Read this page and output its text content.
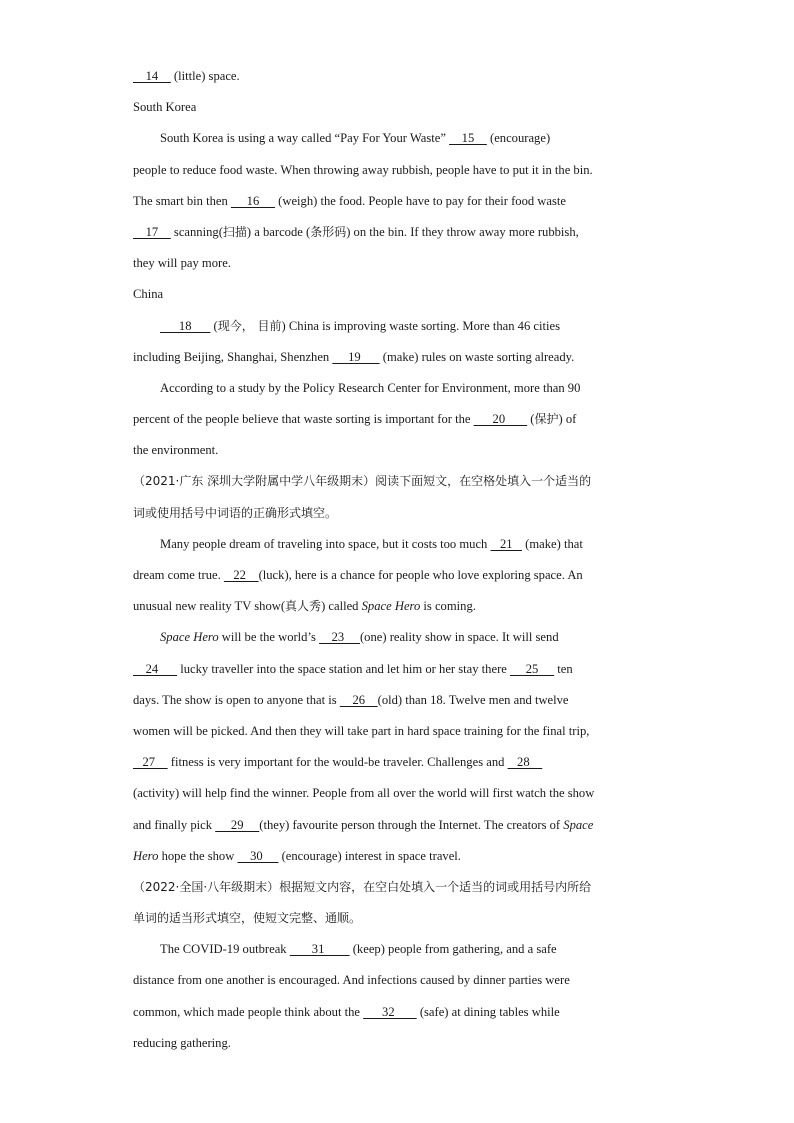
14     (little) space.
South Korea
South Korea is using a way called “Pay For Your Waste”     15     (encourage)
people to reduce food waste. When throwing away rubbish, people have to put it in the bin.
The smart bin then      16      (weigh) the food. People have to pay for their food waste
17     scanning(扫描) a barcode (条形码) on the bin. If they throw away more rubbish,
they will pay more.
China
18       (现今， 目前) China is improving waste sorting. More than 46 cities
including Beijing, Shanghai, Shenzhen      19       (make) rules on waste sorting already.
According to a study by the Policy Research Center for Environment, more than 90
percent of the people believe that waste sorting is important for the       20        (保护) of
the environment.
（2021·广东 深圳大学附属中学八年级期末）阅读下面短文，在空格处填入一个适当的
词或使用括号中词语的正确形式填空。
Many people dream of traveling into space, but it costs too much    21    (make) that
dream come true.    22    (luck), here is a chance for people who love exploring space. An
unusual new reality TV show(真人秀) called Space Hero is coming.
Space Hero will be the world’s     23     (one) reality show in space. It will send
24       lucky traveller into the space station and let him or her stay there      25      ten
days. The show is open to anyone that is     26    (old) than 18. Twelve men and twelve
women will be picked. And then they will take part in hard space training for the final trip,
27     fitness is very important for the would-be traveler. Challenges and    28
(activity) will help find the winner. People from all over the world will first watch the show
and finally pick      29     (they) favourite person through the Internet. The creators of Space
Hero hope the show     30      (encourage) interest in space travel.
（2022·全国·八年级期末）根据短文内容，在空白处填入一个适当的词或用括号内所给
单词的适当形式填空，使短文完整、通顺。
The COVID-19 outbreak        31         (keep) people from gathering, and a safe
distance from one another is encouraged. And infections caused by dinner parties were
common, which made people think about the       32        (safe) at dining tables while
reducing gathering.
